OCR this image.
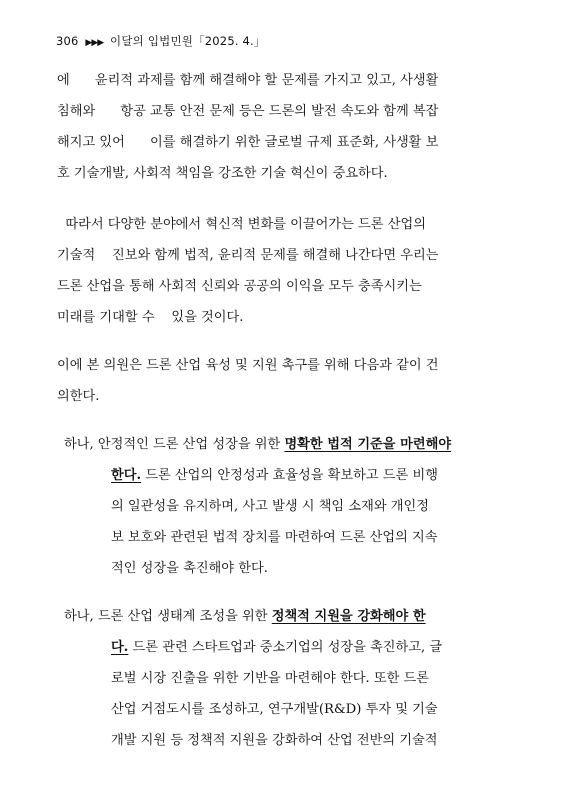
306 ▶▶▶ 이달의 입법민원「2025. 4.」
에      윤리적 과제를 함께 해결해야 할 문제를 가지고 있고, 사생활
침해와      항공 교통 안전 문제 등은 드론의 발전 속도와 함께 복잡
해지고 있어      이를 해결하기 위한 글로벌 규제 표준화, 사생활 보
호 기술개발, 사회적 책임을 강조한 기술 혁신이 중요하다.
따라서 다양한 분야에서 혁신적 변화를 이끌어가는 드론 산업의
기술적    진보와 함께 법적, 윤리적 문제를 해결해 나간다면 우리는
드론 산업을 통해 사회적 신뢰와 공공의 이익을 모두 충족시키는
미래를 기대할 수    있을 것이다.
이에 본 의원은 드론 산업 육성 및 지원 촉구를 위해 다음과 같이 건
의한다.
하나, 안정적인 드론 산업 성장을 위한 명확한 법적 기준을 마련해야
한다. 드론 산업의 안정성과 효율성을 확보하고 드론 비행
의 일관성을 유지하며, 사고 발생 시 책임 소재와 개인정
보 보호와 관련된 법적 장치를 마련하여 드론 산업의 지속
적인 성장을 촉진해야 한다.
하나, 드론 산업 생태계 조성을 위한 정책적 지원을 강화해야 한
다. 드론 관련 스타트업과 중소기업의 성장을 촉진하고, 글
로벌 시장 진출을 위한 기반을 마련해야 한다. 또한 드론
산업 거점도시를 조성하고, 연구개발(R&D) 투자 및 기술
개발 지원 등 정책적 지원을 강화하여 산업 전반의 기술적
